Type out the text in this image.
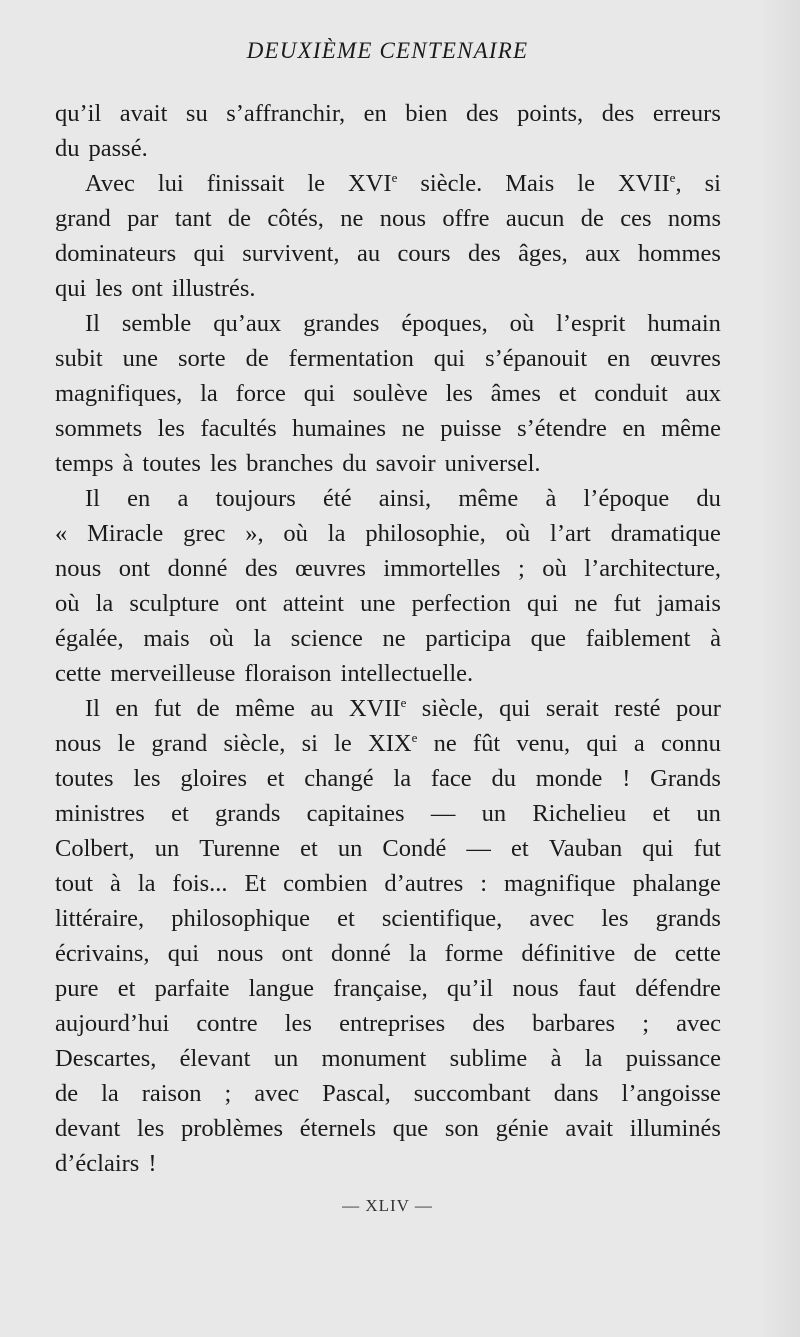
DEUXIÈME CENTENAIRE
qu’il avait su s’affranchir, en bien des points, des erreurs
du passé.
Avec lui finissait le XVIe siècle. Mais le XVIIe, si
grand par tant de côtés, ne nous offre aucun de ces noms
dominateurs qui survivent, au cours des âges, aux hommes
qui les ont illustrés.
Il semble qu’aux grandes époques, où l’esprit humain
subit une sorte de fermentation qui s’épanouit en œuvres
magnifiques, la force qui soulève les âmes et conduit aux
sommets les facultés humaines ne puisse s’étendre en même
temps à toutes les branches du savoir universel.
Il en a toujours été ainsi, même à l’époque du
« Miracle grec », où la philosophie, où l’art dramatique
nous ont donné des œuvres immortelles ; où l’architecture,
où la sculpture ont atteint une perfection qui ne fut jamais
égalée, mais où la science ne participa que faiblement à
cette merveilleuse floraison intellectuelle.
Il en fut de même au XVIIe siècle, qui serait resté pour
nous le grand siècle, si le XIXe ne fût venu, qui a connu
toutes les gloires et changé la face du monde ! Grands
ministres et grands capitaines — un Richelieu et un
Colbert, un Turenne et un Condé — et Vauban qui fut
tout à la fois... Et combien d’autres : magnifique phalange
littéraire, philosophique et scientifique, avec les grands
écrivains, qui nous ont donné la forme définitive de cette
pure et parfaite langue française, qu’il nous faut défendre
aujourd’hui contre les entreprises des barbares ; avec
Descartes, élevant un monument sublime à la puissance
de la raison ; avec Pascal, succombant dans l’angoisse
devant les problèmes éternels que son génie avait illuminés
d’éclairs !
— XLIV —
